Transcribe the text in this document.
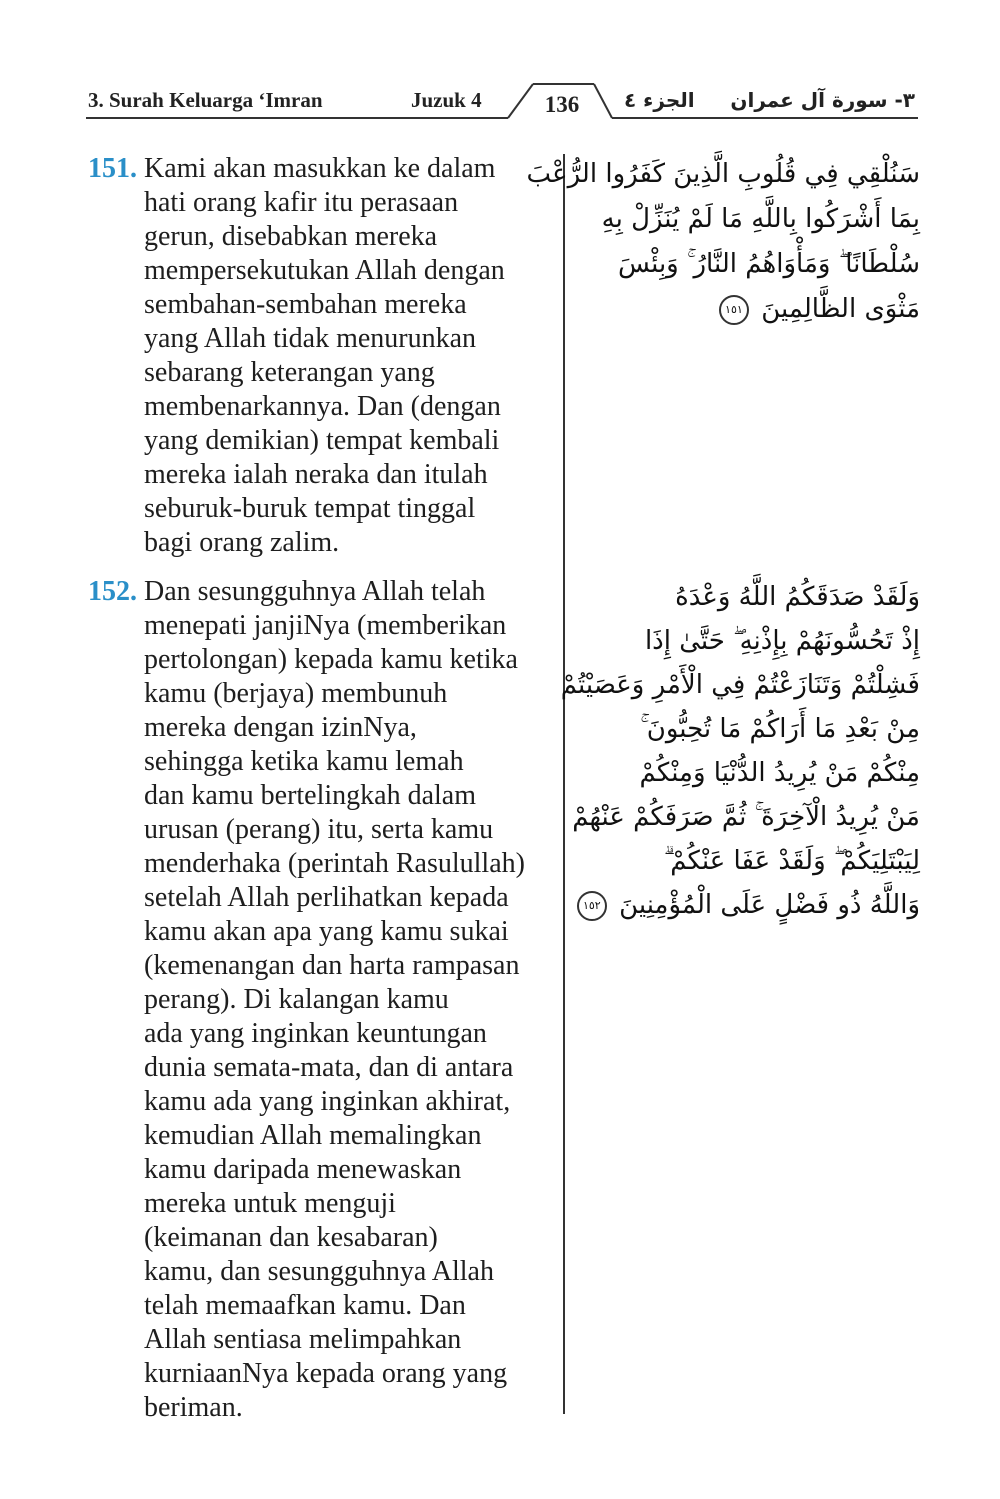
3. Surah Keluarga ‘Imran	Juzuk 4	136	الجزء ٤ ٣- سورة آل عمران
151. Kami akan masukkan ke dalam
hati orang kafir itu perasaan
gerun, disebabkan mereka
mempersekutukan Allah dengan
sembahan-sembahan mereka
yang Allah tidak menurunkan
sebarang keterangan yang
membenarkannya. Dan (dengan
yang demikian) tempat kembali
mereka ialah neraka dan itulah
seburuk-buruk tempat tinggal
bagi orang zalim.
سَنُلْقِي فِي قُلُوبِ الَّذِينَ كَفَرُوا الرُّعْبَ
بِمَا أَشْرَكُوا بِاللَّهِ مَا لَمْ يُنَزِّلْ بِهِ
سُلْطَانًا ۖ وَمَأْوَاهُمُ النَّارُ ۚ وَبِئْسَ
مَثْوَى الظَّالِمِينَ ١٥١
152. Dan sesungguhnya Allah telah
menepati janjiNya (memberikan
pertolongan) kepada kamu ketika
kamu (berjaya) membunuh
mereka dengan izinNya,
sehingga ketika kamu lemah
dan kamu bertelingkah dalam
urusan (perang) itu, serta kamu
menderhaka (perintah Rasulullah)
setelah Allah perlihatkan kepada
kamu akan apa yang kamu sukai
(kemenangan dan harta rampasan
perang). Di kalangan kamu
ada yang inginkan keuntungan
dunia semata-mata, dan di antara
kamu ada yang inginkan akhirat,
kemudian Allah memalingkan
kamu daripada menewaskan
mereka untuk menguji
(keimanan dan kesabaran)
kamu, dan sesungguhnya Allah
telah memaafkan kamu. Dan
Allah sentiasa melimpahkan
kurniaanNya kepada orang yang
beriman.
وَلَقَدْ صَدَقَكُمُ اللَّهُ وَعْدَهُ
إِذْ تَحُسُّونَهُمْ بِإِذْنِهِ ۖ حَتَّىٰ إِذَا
فَشِلْتُمْ وَتَنَازَعْتُمْ فِي الْأَمْرِ وَعَصَيْتُمْ
مِنْ بَعْدِ مَا أَرَاكُمْ مَا تُحِبُّونَ ۚ
مِنْكُمْ مَنْ يُرِيدُ الدُّنْيَا وَمِنْكُمْ
مَنْ يُرِيدُ الْآخِرَةَ ۚ ثُمَّ صَرَفَكُمْ عَنْهُمْ
لِيَبْتَلِيَكُمْ ۖ وَلَقَدْ عَفَا عَنْكُمْ ۗ
وَاللَّهُ ذُو فَضْلٍ عَلَى الْمُؤْمِنِينَ ١٥٢
